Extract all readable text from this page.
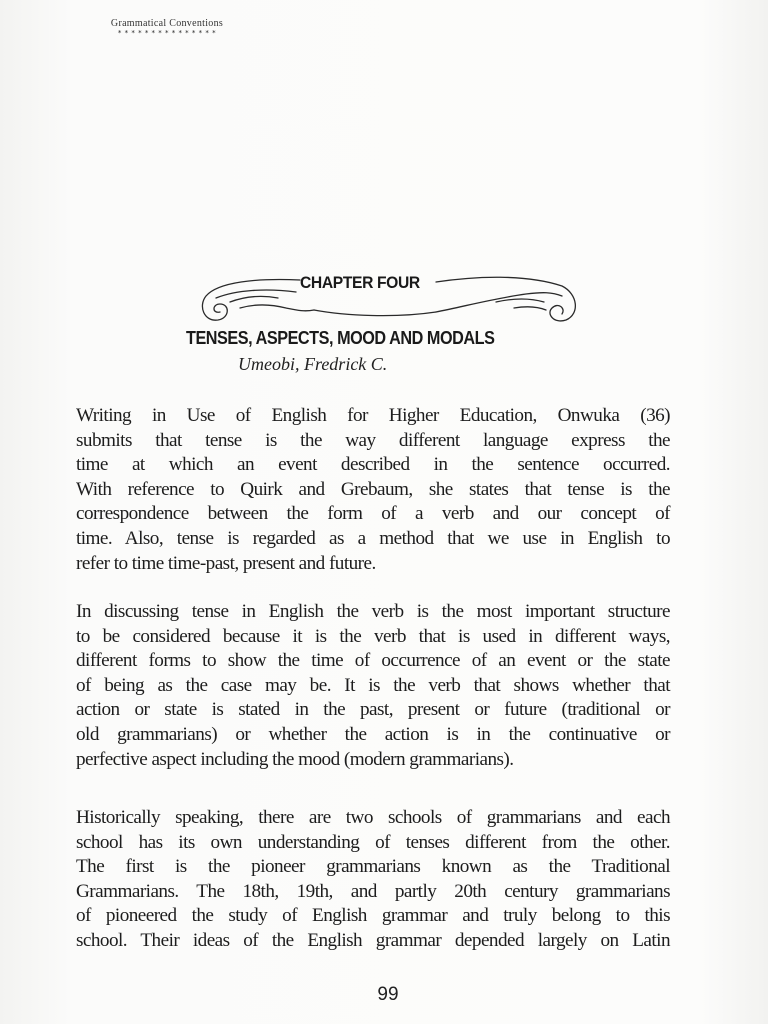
Grammatical Conventions
* * * * * * * * * * * * * * *
CHAPTER FOUR
TENSES, ASPECTS, MOOD AND MODALS
Umeobi, Fredrick C.
Writing in Use of English for Higher Education, Onwuka (36)
submits that tense is the way different language express the
time at which an event described in the sentence occurred.
With reference to Quirk and Grebaum, she states that tense is the
correspondence between the form of a verb and our concept of
time. Also, tense is regarded as a method that we use in English to
refer to time time-past, present and future.
In discussing tense in English the verb is the most important structure
to be considered because it is the verb that is used in different ways,
different forms to show the time of occurrence of an event or the state
of being as the case may be. It is the verb that shows whether that
action or state is stated in the past, present or future (traditional or
old grammarians) or whether the action is in the continuative or
perfective aspect including the mood (modern grammarians).
Historically speaking, there are two schools of grammarians and each
school has its own understanding of tenses different from the other.
The first is the pioneer grammarians known as the Traditional
Grammarians. The 18th, 19th, and partly 20th century grammarians
of pioneered the study of English grammar and truly belong to this
school. Their ideas of the English grammar depended largely on Latin
99
